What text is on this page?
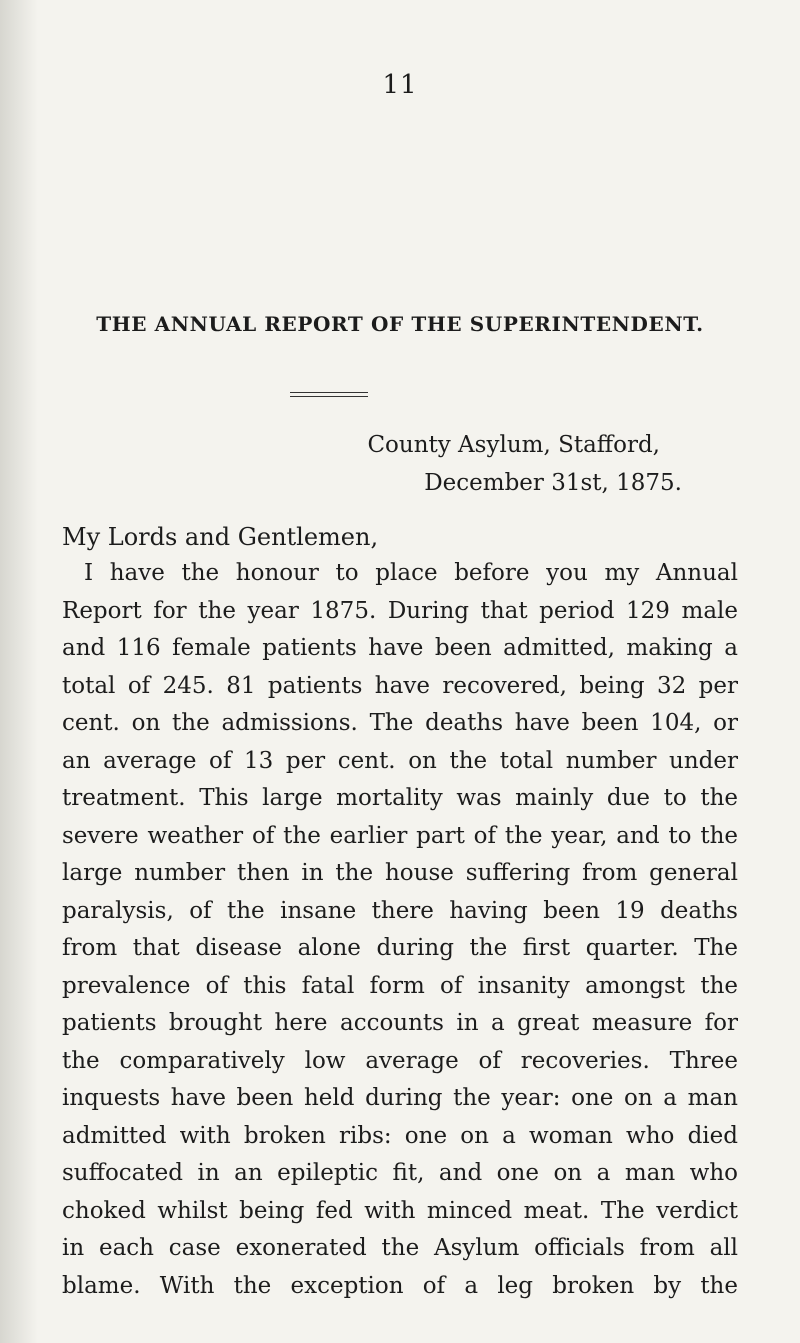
11
THE ANNUAL REPORT OF THE SUPERINTENDENT.
County Asylum, Stafford,
December 31st, 1875.
My Lords and Gentlemen,
I have the honour to place before you my Annual
Report for the year 1875. During that period 129 male
and 116 female patients have been admitted, making a
total of 245. 81 patients have recovered, being 32 per
cent. on the admissions. The deaths have been 104, or
an average of 13 per cent. on the total number under
treatment. This large mortality was mainly due to the
severe weather of the earlier part of the year, and to the
large number then in the house suffering from general
paralysis, of the insane there having been 19 deaths
from that disease alone during the first quarter. The
prevalence of this fatal form of insanity amongst the
patients brought here accounts in a great measure for
the comparatively low average of recoveries. Three
inquests have been held during the year: one on a man
admitted with broken ribs: one on a woman who died
suffocated in an epileptic fit, and one on a man who
choked whilst being fed with minced meat. The verdict
in each case exonerated the Asylum officials from all
blame. With the exception of a leg broken by the
